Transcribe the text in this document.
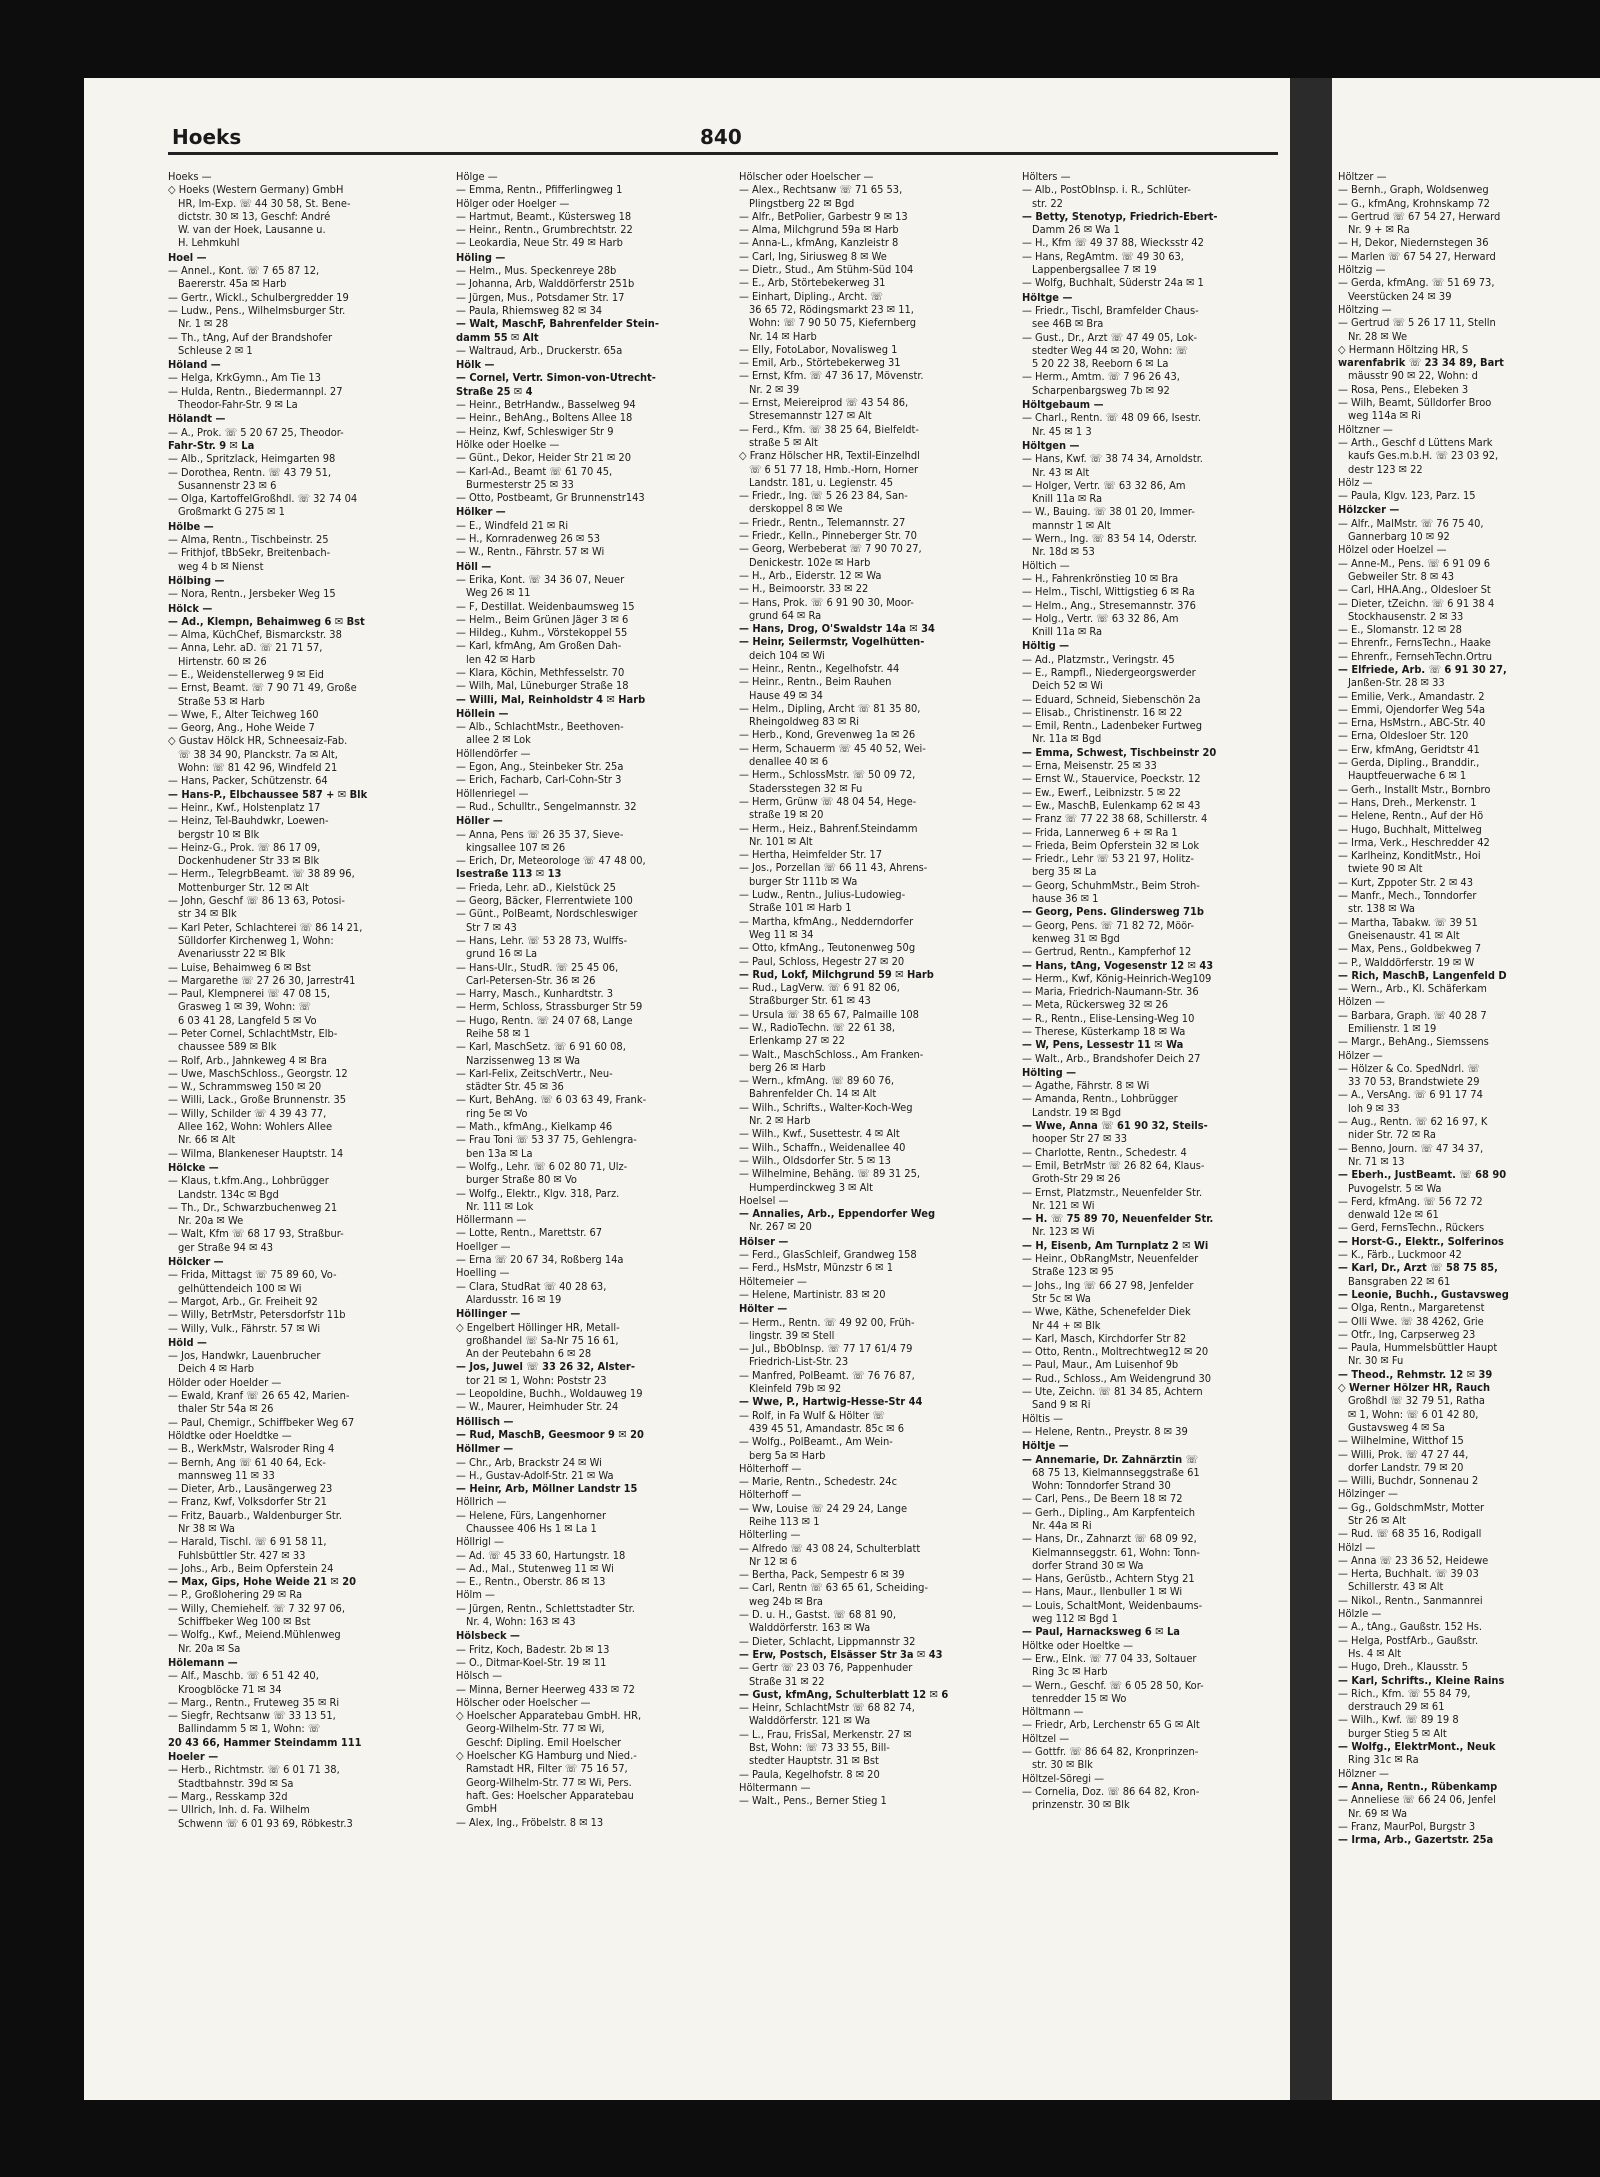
Höltzer —
— Bernh., Graph, Woldsenweg
— G., kfmAng, Krohnskamp 72
— Gertrud ☏ 67 54 27, Herward
Nr. 9 + ✉ Ra
— H, Dekor, Niedernstegen 36
— Marlen ☏ 67 54 27, Herward
Höltzig —
— Gerda, kfmAng. ☏ 51 69 73,
Veerstücken 24 ✉ 39
Höltzing —
— Gertrud ☏ 5 26 17 11, Stelln
Nr. 28 ✉ We
◇ Hermann Höltzing HR, S
warenfabrik ☏ 23 34 89, Bart
mäusstr 90 ✉ 22, Wohn: d
— Rosa, Pens., Elebeken 3
— Wilh, Beamt, Sülldorfer Broo
weg 114a ✉ Ri
Höltzner —
— Arth., Geschf d Lüttens Mark
kaufs Ges.m.b.H. ☏ 23 03 92,
destr 123 ✉ 22
Hölz —
— Paula, Klgv. 123, Parz. 15
Hölzcker —
— Alfr., MalMstr. ☏ 76 75 40,
Gannerbarg 10 ✉ 92
Hölzel oder Hoelzel —
— Anne-M., Pens. ☏ 6 91 09 6
Gebweiler Str. 8 ✉ 43
— Carl, HHA.Ang., Oldesloer St
— Dieter, tZeichn. ☏ 6 91 38 4
Stockhausenstr. 2 ✉ 33
— E., Slomanstr. 12 ✉ 28
— Ehrenfr., FernsTechn., Haake
— Ehrenfr., FernsehTechn.Ortru
— Elfriede, Arb. ☏ 6 91 30 27,
Janßen-Str. 28 ✉ 33
— Emilie, Verk., Amandastr. 2
— Emmi, Ojendorfer Weg 54a
— Erna, HsMstrn., ABC-Str. 40
— Erna, Oldesloer Str. 120
— Erw, kfmAng, Geridtstr 41
— Gerda, Dipling., Branddir.,
Hauptfeuerwache 6 ✉ 1
— Gerh., Installt Mstr., Bornbro
— Hans, Dreh., Merkenstr. 1
— Helene, Rentn., Auf der Hö
— Hugo, Buchhalt, Mittelweg
— Irma, Verk., Heschredder 42
— Karlheinz, KonditMstr., Hoi
twiete 90 ✉ Alt
— Kurt, Zppoter Str. 2 ✉ 43
— Manfr., Mech., Tonndorfer
str. 138 ✉ Wa
— Martha, Tabakw. ☏ 39 51
Gneisenaustr. 41 ✉ Alt
— Max, Pens., Goldbekweg 7
— P., Walddörferstr. 19 ✉ W
— Rich, MaschB, Langenfeld D
— Wern., Arb., Kl. Schäferkam
Hölzen —
— Barbara, Graph. ☏ 40 28 7
Emilienstr. 1 ✉ 19
— Margr., BehAng., Siemssens
Hölzer —
— Hölzer & Co. SpedNdrl. ☏
33 70 53, Brandstwiete 29
— A., VersAng. ☏ 6 91 17 74
loh 9 ✉ 33
— Aug., Rentn. ☏ 62 16 97, K
nider Str. 72 ✉ Ra
— Benno, Journ. ☏ 47 34 37,
Nr. 71 ✉ 13
— Eberh., JustBeamt. ☏ 68 90
Puvogelstr. 5 ✉ Wa
— Ferd, kfmAng. ☏ 56 72 72
denwald 12e ✉ 61
— Gerd, FernsTechn., Rückers
— Horst-G., Elektr., Solferinos
— K., Färb., Luckmoor 42
— Karl, Dr., Arzt ☏ 58 75 85,
Bansgraben 22 ✉ 61
— Leonie, Buchh., Gustavsweg
— Olga, Rentn., Margaretenst
— Olli Wwe. ☏ 38 4262, Grie
— Otfr., Ing, Carpserweg 23
— Paula, Hummelsbüttler Haupt
Nr. 30 ✉ Fu
— Theod., Rehmstr. 12 ✉ 39
◇ Werner Hölzer HR, Rauch
Großhdl ☏ 32 79 51, Ratha
✉ 1, Wohn: ☏ 6 01 42 80,
Gustavsweg 4 ✉ Sa
— Wilhelmine, Witthof 15
— Willi, Prok. ☏ 47 27 44,
dorfer Landstr. 79 ✉ 20
— Willi, Buchdr, Sonnenau 2
Hölzinger —
— Gg., GoldschmMstr, Motter
Str 26 ✉ Alt
— Rud. ☏ 68 35 16, Rodigall
Hölzl —
— Anna ☏ 23 36 52, Heidewe
— Herta, Buchhalt. ☏ 39 03
Schillerstr. 43 ✉ Alt
— Nikol., Rentn., Sanmannrei
Hölzle —
— A., tAng., Gaußstr. 152 Hs.
— Helga, PostfArb., Gaußstr.
Hs. 4 ✉ Alt
— Hugo, Dreh., Klausstr. 5
— Karl, Schrifts., Kleine Rains
— Rich., Kfm. ☏ 55 84 79,
derstrauch 29 ✉ 61
— Wilh., Kwf. ☏ 89 19 8
burger Stieg 5 ✉ Alt
— Wolfg., ElektrMont., Neuk
Ring 31c ✉ Ra
Hölzner —
— Anna, Rentn., Rübenkamp
— Anneliese ☏ 66 24 06, Jenfel
Nr. 69 ✉ Wa
— Franz, MaurPol, Burgstr 3
— Irma, Arb., Gazertstr. 25a
Hoeks	840
Hoeks —
◇ Hoeks (Western Germany) GmbH
HR, Im-Exp. ☏ 44 30 58, St. Bene-
dictstr. 30 ✉ 13, Geschf: André
W. van der Hoek, Lausanne u.
H. Lehmkuhl
Hoel —
— Annel., Kont. ☏ 7 65 87 12,
Baererstr. 45a ✉ Harb
— Gertr., Wickl., Schulbergredder 19
— Ludw., Pens., Wilhelmsburger Str.
Nr. 1 ✉ 28
— Th., tAng, Auf der Brandshofer
Schleuse 2 ✉ 1
Höland —
— Helga, KrkGymn., Am Tie 13
— Hulda, Rentn., Biedermannpl. 27
Theodor-Fahr-Str. 9 ✉ La
Hölandt —
— A., Prok. ☏ 5 20 67 25, Theodor-
Fahr-Str. 9 ✉ La
— Alb., Spritzlack, Heimgarten 98
— Dorothea, Rentn. ☏ 43 79 51,
Susannenstr 23 ✉ 6
— Olga, KartoffelGroßhdl. ☏ 32 74 04
Großmarkt G 275 ✉ 1
Hölbe —
— Alma, Rentn., Tischbeinstr. 25
— Frithjof, tBbSekr, Breitenbach-
weg 4 b ✉ Nienst
Hölbing —
— Nora, Rentn., Jersbeker Weg 15
Hölck —
— Ad., Klempn, Behaimweg 6 ✉ Bst
— Alma, KüchChef, Bismarckstr. 38
— Anna, Lehr. aD. ☏ 21 71 57,
Hirtenstr. 60 ✉ 26
— E., Weidenstellerweg 9 ✉ Eid
— Ernst, Beamt. ☏ 7 90 71 49, Große
Straße 53 ✉ Harb
— Wwe, F., Alter Teichweg 160
— Georg, Ang., Hohe Weide 7
◇ Gustav Hölck HR, Schneesaiz-Fab.
☏ 38 34 90, Planckstr. 7a ✉ Alt,
Wohn: ☏ 81 42 96, Windfeld 21
— Hans, Packer, Schützenstr. 64
— Hans-P., Elbchaussee 587 + ✉ Blk
— Heinr., Kwf., Holstenplatz 17
— Heinz, Tel-Bauhdwkr, Loewen-
bergstr 10 ✉ Blk
— Heinz-G., Prok. ☏ 86 17 09,
Dockenhudener Str 33 ✉ Blk
— Herm., TelegrbBeamt. ☏ 38 89 96,
Mottenburger Str. 12 ✉ Alt
— John, Geschf ☏ 86 13 63, Potosi-
str 34 ✉ Blk
— Karl Peter, Schlachterei ☏ 86 14 21,
Sülldorfer Kirchenweg 1, Wohn:
Avenariusstr 22 ✉ Blk
— Luise, Behaimweg 6 ✉ Bst
— Margarethe ☏ 27 26 30, Jarrestr41
— Paul, Klempnerei ☏ 47 08 15,
Grasweg 1 ✉ 39, Wohn: ☏
6 03 41 28, Langfeld 5 ✉ Vo
— Peter Cornel, SchlachtMstr, Elb-
chaussee 589 ✉ Blk
— Rolf, Arb., Jahnkeweg 4 ✉ Bra
— Uwe, MaschSchloss., Georgstr. 12
— W., Schrammsweg 150 ✉ 20
— Willi, Lack., Große Brunnenstr. 35
— Willy, Schilder ☏ 4 39 43 77,
Allee 162, Wohn: Wohlers Allee
Nr. 66 ✉ Alt
— Wilma, Blankeneser Hauptstr. 14
Hölcke —
— Klaus, t.kfm.Ang., Lohbrügger
Landstr. 134c ✉ Bgd
— Th., Dr., Schwarzbuchenweg 21
Nr. 20a ✉ We
— Walt, Kfm ☏ 68 17 93, Straßbur-
ger Straße 94 ✉ 43
Hölcker —
— Frida, Mittagst ☏ 75 89 60, Vo-
gelhüttendeich 100 ✉ Wi
— Margot, Arb., Gr. Freiheit 92
— Willy, BetrMstr, Petersdorfstr 11b
— Willy, Vulk., Fährstr. 57 ✉ Wi
Höld —
— Jos, Handwkr, Lauenbrucher
Deich 4 ✉ Harb
Hölder oder Hoelder —
— Ewald, Kranf ☏ 26 65 42, Marien-
thaler Str 54a ✉ 26
— Paul, Chemigr., Schiffbeker Weg 67
Höldtke oder Hoeldtke —
— B., WerkMstr, Walsroder Ring 4
— Bernh, Ang ☏ 61 40 64, Eck-
mannsweg 11 ✉ 33
— Dieter, Arb., Lausängerweg 23
— Franz, Kwf, Volksdorfer Str 21
— Fritz, Bauarb., Waldenburger Str.
Nr 38 ✉ Wa
— Harald, Tischl. ☏ 6 91 58 11,
Fuhlsbüttler Str. 427 ✉ 33
— Johs., Arb., Beim Opferstein 24
— Max, Gips, Hohe Weide 21 ✉ 20
— P., Großlohering 29 ✉ Ra
— Willy, Chemiehelf. ☏ 7 32 97 06,
Schiffbeker Weg 100 ✉ Bst
— Wolfg., Kwf., Meiend.Mühlenweg
Nr. 20a ✉ Sa
Hölemann —
— Alf., Maschb. ☏ 6 51 42 40,
Kroogblöcke 71 ✉ 34
— Marg., Rentn., Fruteweg 35 ✉ Ri
— Siegfr, Rechtsanw ☏ 33 13 51,
Ballindamm 5 ✉ 1, Wohn: ☏
20 43 66, Hammer Steindamm 111
Hoeler —
— Herb., Richtmstr. ☏ 6 01 71 38,
Stadtbahnstr. 39d ✉ Sa
— Marg., Resskamp 32d
— Ullrich, Inh. d. Fa. Wilhelm
Schwenn ☏ 6 01 93 69, Röbkestr.3
Hölge —
— Emma, Rentn., Pfifferlingweg 1
Hölger oder Hoelger —
— Hartmut, Beamt., Küstersweg 18
— Heinr., Rentn., Grumbrechtstr. 22
— Leokardia, Neue Str. 49 ✉ Harb
Höling —
— Helm., Mus. Speckenreye 28b
— Johanna, Arb, Walddörferstr 251b
— Jürgen, Mus., Potsdamer Str. 17
— Paula, Rhiemsweg 82 ✉ 34
— Walt, MaschF, Bahrenfelder Stein-
damm 55 ✉ Alt
— Waltraud, Arb., Druckerstr. 65a
Hölk —
— Cornel, Vertr. Simon-von-Utrecht-
Straße 25 ✉ 4
— Heinr., BetrHandw., Basselweg 94
— Heinr., BehAng., Boltens Allee 18
— Heinz, Kwf, Schleswiger Str 9
Hölke oder Hoelke —
— Günt., Dekor, Heider Str 21 ✉ 20
— Karl-Ad., Beamt ☏ 61 70 45,
Burmesterstr 25 ✉ 33
— Otto, Postbeamt, Gr Brunnenstr143
Hölker —
— E., Windfeld 21 ✉ Ri
— H., Kornradenweg 26 ✉ 53
— W., Rentn., Fährstr. 57 ✉ Wi
Höll —
— Erika, Kont. ☏ 34 36 07, Neuer
Weg 26 ✉ 11
— F, Destillat. Weidenbaumsweg 15
— Helm., Beim Grünen Jäger 3 ✉ 6
— Hildeg., Kuhm., Vörstekoppel 55
— Karl, kfmAng, Am Großen Dah-
len 42 ✉ Harb
— Klara, Köchin, Methfesselstr. 70
— Wilh, Mal, Lüneburger Straße 18
— Willi, Mal, Reinholdstr 4 ✉ Harb
Höllein —
— Alb., SchlachtMstr., Beethoven-
allee 2 ✉ Lok
Höllendörfer —
— Egon, Ang., Steinbeker Str. 25a
— Erich, Facharb, Carl-Cohn-Str 3
Höllenriegel —
— Rud., Schulltr., Sengelmannstr. 32
Höller —
— Anna, Pens ☏ 26 35 37, Sieve-
kingsallee 107 ✉ 26
— Erich, Dr, Meteorologe ☏ 47 48 00,
Isestraße 113 ✉ 13
— Frieda, Lehr. aD., Kielstück 25
— Georg, Bäcker, Flerrentwiete 100
— Günt., PolBeamt, Nordschleswiger
Str 7 ✉ 43
— Hans, Lehr. ☏ 53 28 73, Wulffs-
grund 16 ✉ La
— Hans-Ulr., StudR. ☏ 25 45 06,
Carl-Petersen-Str. 36 ✉ 26
— Harry, Masch., Kunhardtstr. 3
— Herm, Schloss, Strassburger Str 59
— Hugo, Rentn. ☏ 24 07 68, Lange
Reihe 58 ✉ 1
— Karl, MaschSetz. ☏ 6 91 60 08,
Narzissenweg 13 ✉ Wa
— Karl-Felix, ZeitschVertr., Neu-
städter Str. 45 ✉ 36
— Kurt, BehAng. ☏ 6 03 63 49, Frank-
ring 5e ✉ Vo
— Math., kfmAng., Kielkamp 46
— Frau Toni ☏ 53 37 75, Gehlengra-
ben 13a ✉ La
— Wolfg., Lehr. ☏ 6 02 80 71, Ulz-
burger Straße 80 ✉ Vo
— Wolfg., Elektr., Klgv. 318, Parz.
Nr. 111 ✉ Lok
Höllermann —
— Lotte, Rentn., Marettstr. 67
Hoellger —
— Erna ☏ 20 67 34, Roßberg 14a
Hoelling —
— Clara, StudRat ☏ 40 28 63,
Alardusstr. 16 ✉ 19
Höllinger —
◇ Engelbert Höllinger HR, Metall-
großhandel ☏ Sa-Nr 75 16 61,
An der Peutebahn 6 ✉ 28
— Jos, Juwel ☏ 33 26 32, Alster-
tor 21 ✉ 1, Wohn: Poststr 23
— Leopoldine, Buchh., Woldauweg 19
— W., Maurer, Heimhuder Str. 24
Höllisch —
— Rud, MaschB, Geesmoor 9 ✉ 20
Höllmer —
— Chr., Arb, Brackstr 24 ✉ Wi
— H., Gustav-Adolf-Str. 21 ✉ Wa
— Heinr, Arb, Möllner Landstr 15
Höllrich —
— Helene, Fürs, Langenhorner
Chaussee 406 Hs 1 ✉ La 1
Höllrigl —
— Ad. ☏ 45 33 60, Hartungstr. 18
— Ad., Mal., Stutenweg 11 ✉ Wi
— E., Rentn., Oberstr. 86 ✉ 13
Hölm —
— Jürgen, Rentn., Schlettstadter Str.
Nr. 4, Wohn: 163 ✉ 43
Hölsbeck —
— Fritz, Koch, Badestr. 2b ✉ 13
— O., Ditmar-Koel-Str. 19 ✉ 11
Hölsch —
— Minna, Berner Heerweg 433 ✉ 72
Hölscher oder Hoelscher —
◇ Hoelscher Apparatebau GmbH. HR,
Georg-Wilhelm-Str. 77 ✉ Wi,
Geschf: Dipling. Emil Hoelscher
◇ Hoelscher KG Hamburg und Nied.-
Ramstadt HR, Filter ☏ 75 16 57,
Georg-Wilhelm-Str. 77 ✉ Wi, Pers.
haft. Ges: Hoelscher Apparatebau
GmbH
— Alex, Ing., Fröbelstr. 8 ✉ 13
Hölscher oder Hoelscher —
— Alex., Rechtsanw ☏ 71 65 53,
Plingstberg 22 ✉ Bgd
— Alfr., BetPolier, Garbestr 9 ✉ 13
— Alma, Milchgrund 59a ✉ Harb
— Anna-L., kfmAng, Kanzleistr 8
— Carl, Ing, Siriusweg 8 ✉ We
— Dietr., Stud., Am Stühm-Süd 104
— E., Arb, Störtebekerweg 31
— Einhart, Dipling., Archt. ☏
36 65 72, Rödingsmarkt 23 ✉ 11,
Wohn: ☏ 7 90 50 75, Kiefernberg
Nr. 14 ✉ Harb
— Elly, FotoLabor, Novalisweg 1
— Emil, Arb., Störtebekerweg 31
— Ernst, Kfm. ☏ 47 36 17, Mövenstr.
Nr. 2 ✉ 39
— Ernst, Meiereiprod ☏ 43 54 86,
Stresemannstr 127 ✉ Alt
— Ferd., Kfm. ☏ 38 25 64, Bielfeldt-
straße 5 ✉ Alt
◇ Franz Hölscher HR, Textil-Einzelhdl
☏ 6 51 77 18, Hmb.-Horn, Horner
Landstr. 181, u. Legienstr. 45
— Friedr., Ing. ☏ 5 26 23 84, San-
derskoppel 8 ✉ We
— Friedr., Rentn., Telemannstr. 27
— Friedr., Kelln., Pinneberger Str. 70
— Georg, Werbeberat ☏ 7 90 70 27,
Denickestr. 102e ✉ Harb
— H., Arb., Eiderstr. 12 ✉ Wa
— H., Beimoorstr. 33 ✉ 22
— Hans, Prok. ☏ 6 91 90 30, Moor-
grund 64 ✉ Ra
— Hans, Drog, O'Swaldstr 14a ✉ 34
— Heinr, Seilermstr, Vogelhütten-
deich 104 ✉ Wi
— Heinr., Rentn., Kegelhofstr. 44
— Heinr., Rentn., Beim Rauhen
Hause 49 ✉ 34
— Helm., Dipling, Archt ☏ 81 35 80,
Rheingoldweg 83 ✉ Ri
— Herb., Kond, Grevenweg 1a ✉ 26
— Herm, Schauerm ☏ 45 40 52, Wei-
denallee 40 ✉ 6
— Herm., SchlossMstr. ☏ 50 09 72,
Stadersstegen 32 ✉ Fu
— Herm, Grünw ☏ 48 04 54, Hege-
straße 19 ✉ 20
— Herm., Heiz., Bahrenf.Steindamm
Nr. 101 ✉ Alt
— Hertha, Heimfelder Str. 17
— Jos., Porzellan ☏ 66 11 43, Ahrens-
burger Str 111b ✉ Wa
— Ludw., Rentn., Julius-Ludowieg-
Straße 101 ✉ Harb 1
— Martha, kfmAng., Nedderndorfer
Weg 11 ✉ 34
— Otto, kfmAng., Teutonenweg 50g
— Paul, Schloss, Hegestr 27 ✉ 20
— Rud, Lokf, Milchgrund 59 ✉ Harb
— Rud., LagVerw. ☏ 6 91 82 06,
Straßburger Str. 61 ✉ 43
— Ursula ☏ 38 65 67, Palmaille 108
— W., RadioTechn. ☏ 22 61 38,
Erlenkamp 27 ✉ 22
— Walt., MaschSchloss., Am Franken-
berg 26 ✉ Harb
— Wern., kfmAng. ☏ 89 60 76,
Bahrenfelder Ch. 14 ✉ Alt
— Wilh., Schrifts., Walter-Koch-Weg
Nr. 2 ✉ Harb
— Wilh., Kwf., Susettestr. 4 ✉ Alt
— Wilh., Schaffn., Weidenallee 40
— Wilh., Oldsdorfer Str. 5 ✉ 13
— Wilhelmine, Behäng. ☏ 89 31 25,
Humperdinckweg 3 ✉ Alt
Hoelsel —
— Annalies, Arb., Eppendorfer Weg
Nr. 267 ✉ 20
Hölser —
— Ferd., GlasSchleif, Grandweg 158
— Ferd., HsMstr, Münzstr 6 ✉ 1
Höltemeier —
— Helene, Martinistr. 83 ✉ 20
Hölter —
— Herm., Rentn. ☏ 49 92 00, Früh-
lingstr. 39 ✉ Stell
— Jul., BbObInsp. ☏ 77 17 61/4 79
Friedrich-List-Str. 23
— Manfred, PolBeamt. ☏ 76 76 87,
Kleinfeld 79b ✉ 92
— Wwe, P., Hartwig-Hesse-Str 44
— Rolf, in Fa Wulf & Hölter ☏
439 45 51, Amandastr. 85c ✉ 6
— Wolfg., PolBeamt., Am Wein-
berg 5a ✉ Harb
Hölterhoff —
— Marie, Rentn., Schedestr. 24c
Hölterhoff —
— Ww, Louise ☏ 24 29 24, Lange
Reihe 113 ✉ 1
Hölterling —
— Alfredo ☏ 43 08 24, Schulterblatt
Nr 12 ✉ 6
— Bertha, Pack, Sempestr 6 ✉ 39
— Carl, Rentn ☏ 63 65 61, Scheiding-
weg 24b ✉ Bra
— D. u. H., Gastst. ☏ 68 81 90,
Walddörferstr. 163 ✉ Wa
— Dieter, Schlacht, Lippmannstr 32
— Erw, Postsch, Elsässer Str 3a ✉ 43
— Gertr ☏ 23 03 76, Pappenhuder
Straße 31 ✉ 22
— Gust, kfmAng, Schulterblatt 12 ✉ 6
— Heinr, SchlachtMstr ☏ 68 82 74,
Walddörferstr. 121 ✉ Wa
— L., Frau, FrisSal, Merkenstr. 27 ✉
Bst, Wohn: ☏ 73 33 55, Bill-
stedter Hauptstr. 31 ✉ Bst
— Paula, Kegelhofstr. 8 ✉ 20
Höltermann —
— Walt., Pens., Berner Stieg 1
Hölters —
— Alb., PostObInsp. i. R., Schlüter-
str. 22
— Betty, Stenotyp, Friedrich-Ebert-
Damm 26 ✉ Wa 1
— H., Kfm ☏ 49 37 88, Wiecksstr 42
— Hans, RegAmtm. ☏ 49 30 63,
Lappenbergsallee 7 ✉ 19
— Wolfg, Buchhalt, Süderstr 24a ✉ 1
Höltge —
— Friedr., Tischl, Bramfelder Chaus-
see 46B ✉ Bra
— Gust., Dr., Arzt ☏ 47 49 05, Lok-
stedter Weg 44 ✉ 20, Wohn: ☏
5 20 22 38, Reeborn 6 ✉ La
— Herm., Amtm. ☏ 7 96 26 43,
Scharpenbargsweg 7b ✉ 92
Höltgebaum —
— Charl., Rentn. ☏ 48 09 66, Isestr.
Nr. 45 ✉ 1 3
Höltgen —
— Hans, Kwf. ☏ 38 74 34, Arnoldstr.
Nr. 43 ✉ Alt
— Holger, Vertr. ☏ 63 32 86, Am
Knill 11a ✉ Ra
— W., Bauing. ☏ 38 01 20, Immer-
mannstr 1 ✉ Alt
— Wern., Ing. ☏ 83 54 14, Oderstr.
Nr. 18d ✉ 53
Höltich —
— H., Fahrenkrönstieg 10 ✉ Bra
— Helm., Tischl, Wittigstieg 6 ✉ Ra
— Helm., Ang., Stresemannstr. 376
— Holg., Vertr. ☏ 63 32 86, Am
Knill 11a ✉ Ra
Höltig —
— Ad., Platzmstr., Veringstr. 45
— E., Rampfl., Niedergeorgswerder
Deich 52 ✉ Wi
— Eduard, Schneid, Siebenschön 2a
— Elisab., Christinenstr. 16 ✉ 22
— Emil, Rentn., Ladenbeker Furtweg
Nr. 11a ✉ Bgd
— Emma, Schwest, Tischbeinstr 20
— Erna, Meisenstr. 25 ✉ 33
— Ernst W., Stauervice, Poeckstr. 12
— Ew., Ewerf., Leibnizstr. 5 ✉ 22
— Ew., MaschB, Eulenkamp 62 ✉ 43
— Franz ☏ 77 22 38 68, Schillerstr. 4
— Frida, Lannerweg 6 + ✉ Ra 1
— Frieda, Beim Opferstein 32 ✉ Lok
— Friedr., Lehr ☏ 53 21 97, Holitz-
berg 35 ✉ La
— Georg, SchuhmMstr., Beim Stroh-
hause 36 ✉ 1
— Georg, Pens. Glindersweg 71b
— Georg, Pens. ☏ 71 82 72, Möör-
kenweg 31 ✉ Bgd
— Gertrud, Rentn., Kampferhof 12
— Hans, tAng, Vogesenstr 12 ✉ 43
— Herm., Kwf, König-Heinrich-Weg109
— Maria, Friedrich-Naumann-Str. 36
— Meta, Rückersweg 32 ✉ 26
— R., Rentn., Elise-Lensing-Weg 10
— Therese, Küsterkamp 18 ✉ Wa
— W, Pens, Lessestr 11 ✉ Wa
— Walt., Arb., Brandshofer Deich 27
Hölting —
— Agathe, Fährstr. 8 ✉ Wi
— Amanda, Rentn., Lohbrügger
Landstr. 19 ✉ Bgd
— Wwe, Anna ☏ 61 90 32, Steils-
hooper Str 27 ✉ 33
— Charlotte, Rentn., Schedestr. 4
— Emil, BetrMstr ☏ 26 82 64, Klaus-
Groth-Str 29 ✉ 26
— Ernst, Platzmstr., Neuenfelder Str.
Nr. 121 ✉ Wi
— H. ☏ 75 89 70, Neuenfelder Str.
Nr. 123 ✉ Wi
— H, Eisenb, Am Turnplatz 2 ✉ Wi
— Heinr., ObRangMstr, Neuenfelder
Straße 123 ✉ 95
— Johs., Ing ☏ 66 27 98, Jenfelder
Str 5c ✉ Wa
— Wwe, Käthe, Schenefelder Diek
Nr 44 + ✉ Blk
— Karl, Masch, Kirchdorfer Str 82
— Otto, Rentn., Moltrechtweg12 ✉ 20
— Paul, Maur., Am Luisenhof 9b
— Rud., Schloss., Am Weidengrund 30
— Ute, Zeichn. ☏ 81 34 85, Achtern
Sand 9 ✉ Ri
Höltis —
— Helene, Rentn., Preystr. 8 ✉ 39
Höltje —
— Annemarie, Dr. Zahnärztin ☏
68 75 13, Kielmannseggstraße 61
Wohn: Tonndorfer Strand 30
— Carl, Pens., De Beern 18 ✉ 72
— Gerh., Dipling., Am Karpfenteich
Nr. 44a ✉ Ri
— Hans, Dr., Zahnarzt ☏ 68 09 92,
Kielmannseggstr. 61, Wohn: Tonn-
dorfer Strand 30 ✉ Wa
— Hans, Gerüstb., Achtern Styg 21
— Hans, Maur., Ilenbuller 1 ✉ Wi
— Louis, SchaltMont, Weidenbaums-
weg 112 ✉ Bgd 1
— Paul, Harnacksweg 6 ✉ La
Höltke oder Hoeltke —
— Erw., Elnk. ☏ 77 04 33, Soltauer
Ring 3c ✉ Harb
— Wern., Geschf. ☏ 6 05 28 50, Kor-
tenredder 15 ✉ Wo
Höltmann —
— Friedr, Arb, Lerchenstr 65 G ✉ Alt
Höltzel —
— Gottfr. ☏ 86 64 82, Kronprinzen-
str. 30 ✉ Blk
Höltzel-Söregi —
— Cornelia, Doz. ☏ 86 64 82, Kron-
prinzenstr. 30 ✉ Blk
